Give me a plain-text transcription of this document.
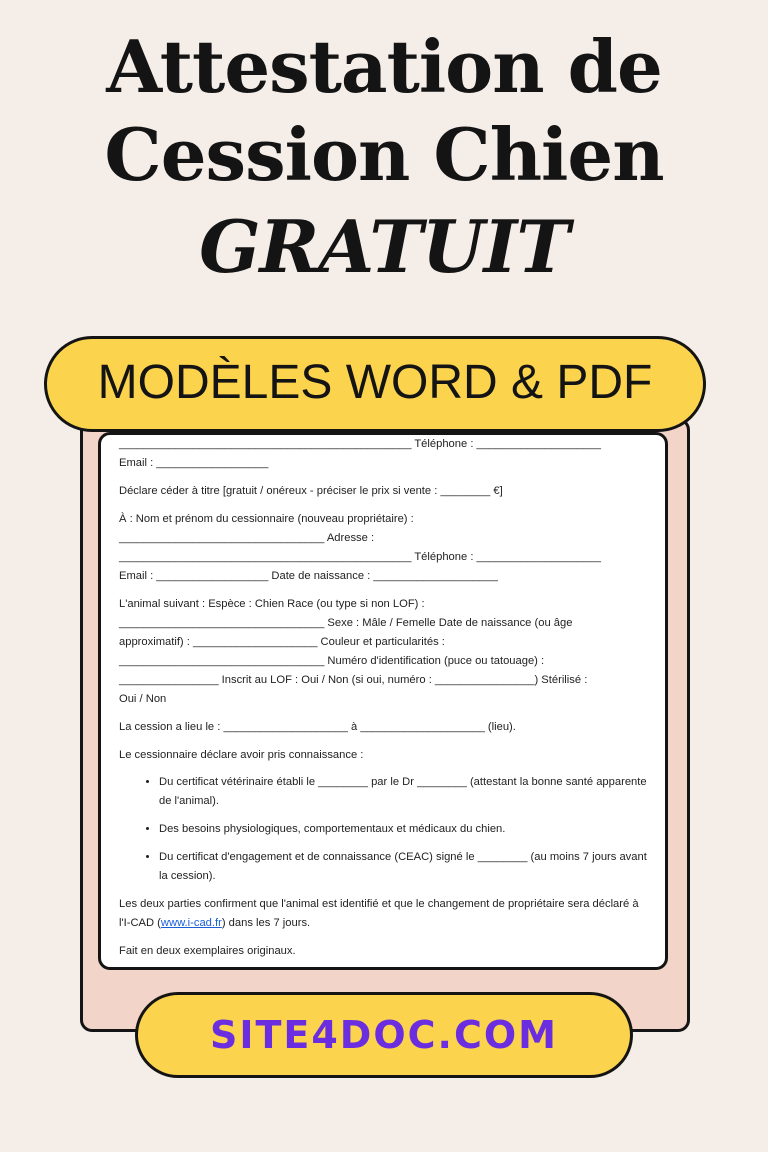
Attestation de
Cession Chien
GRATUIT

_______________________________________________ Téléphone : ____________________

Email : __________________

Déclare céder à titre [gratuit / onéreux - préciser le prix si vente : ________ €]

À : Nom et prénom du cessionnaire (nouveau propriétaire) :

_________________________________ Adresse :

_______________________________________________ Téléphone : ____________________

Email : __________________ Date de naissance : ____________________

L'animal suivant : Espèce : Chien Race (ou type si non LOF) :

_________________________________ Sexe : Mâle / Femelle Date de naissance (ou âge

approximatif) : ____________________ Couleur et particularités :

_________________________________ Numéro d'identification (puce ou tatouage) :

________________ Inscrit au LOF : Oui / Non (si oui, numéro : ________________) Stérilisé :

Oui / Non

La cession a lieu le : ____________________ à ____________________ (lieu).

Le cessionnaire déclare avoir pris connaissance :

• Du certificat vétérinaire établi le ________ par le Dr ________ (attestant la bonne santé apparente de l'animal).
• Des besoins physiologiques, comportementaux et médicaux du chien.
• Du certificat d'engagement et de connaissance (CEAC) signé le ________ (au moins 7 jours avant la cession).

Les deux parties confirment que l'animal est identifié et que le changement de propriétaire sera déclaré à l'I-CAD (www.i-cad.fr) dans les 7 jours.

Fait en deux exemplaires originaux.

MODÈLES WORD & PDF
SITE4DOC.COM
